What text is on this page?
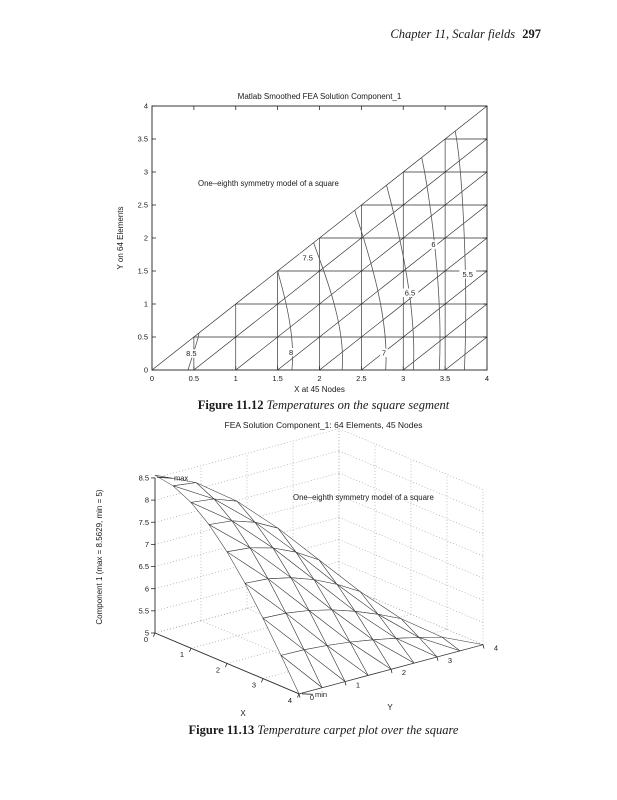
Chapter 11, Scalar fields 297
8.5	8
7.5
7
6.5
6
5.5
0
0
0.5
0.5
1
1
1.5
1.5
2
2
2.5
2.5
3
3
3.5
3.5
4
4
Matlab Smoothed FEA Solution Component_1
X at 45 Nodes
Y on 64 Elements
One–eighth symmetry model of a square
5
5.5
6
6.5
7
7.5
8
8.5
0
1
2
3
4 0
1
2
3
4
max
min
Component 1 (max = 8.5629, min = 5)
X
Y
One–eighth symmetry model of a square
Figure 11.12 Temperatures on the square segment
FEA Solution Component_1: 64 Elements, 45 Nodes
Figure 11.13 Temperature carpet plot over the square
